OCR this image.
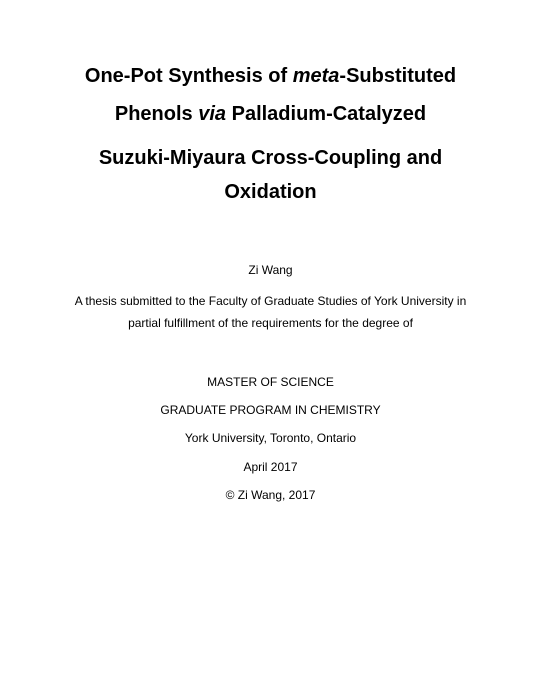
One-Pot Synthesis of meta-Substituted
Phenols via Palladium-Catalyzed
Suzuki-Miyaura Cross-Coupling and
Oxidation
Zi Wang
A thesis submitted to the Faculty of Graduate Studies of York University in
partial fulfillment of the requirements for the degree of
MASTER OF SCIENCE
GRADUATE PROGRAM IN CHEMISTRY
York University, Toronto, Ontario
April 2017
© Zi Wang, 2017
